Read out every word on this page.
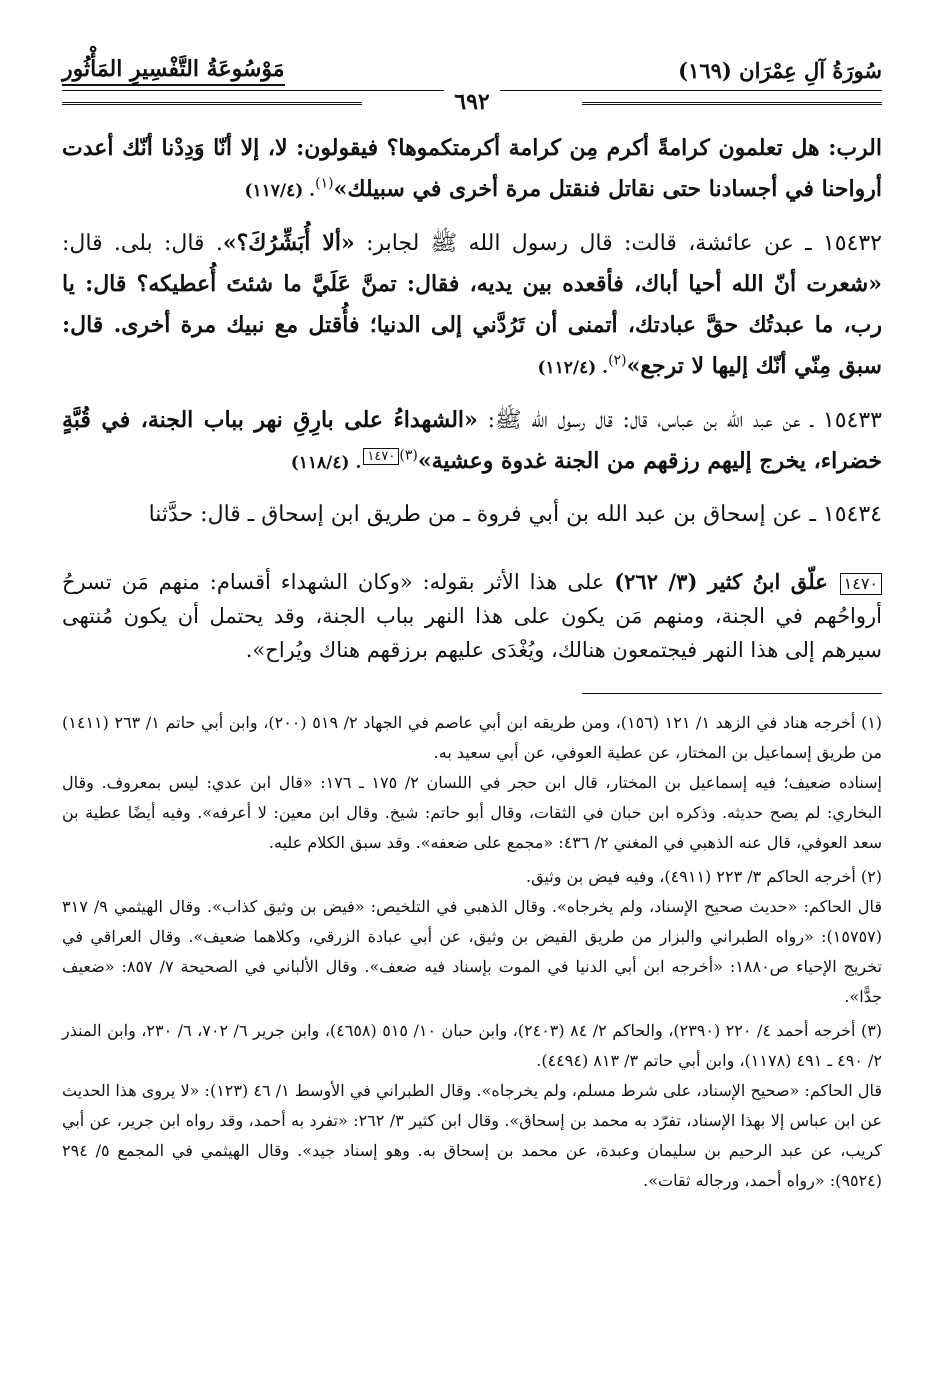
سُورَةُ آلِ عِمْرَان (١٦٩)
مَوْسُوعَةُ التَّفْسِيرِ المَأْثُور
٦٩٢

الرب: هل تعلمون كرامةً أكرم مِن كرامة أكرمتكموها؟ فيقولون: لا، إلا أنّا وَدِدْنا أنّك أعدت أرواحنا في أجسادنا حتى نقاتل فنقتل مرة أخرى في سبيلك»$^{(١)}$. (١١٧/٤)

١٥٤٣٢ ـ عن عائشة، قالت: قال رسول الله ﷺ لجابر: «ألا أُبَشِّرُكَ؟». قال: بلى. قال: «شعرت أنّ الله أحيا أباك، فأقعده بين يديه، فقال: تمنَّ عَلَيَّ ما شئتَ أُعطيكه؟ قال: يا رب، ما عبدتُك حقَّ عبادتك، أتمنى أن تَرُدَّني إلى الدنيا؛ فأُقتل مع نبيك مرة أخرى. قال: سبق مِنّي أنّك إليها لا ترجع»$^{(٢)}$. (١١٢/٤)

١٥٤٣٣ ـ عن عبد الله بن عباس، قال: قال رسول الله ﷺ: «الشهداءُ على بارِقِ نهر بباب الجنة، في قُبَّةٍ خضراء، يخرج إليهم رزقهم من الجنة غدوة وعشية»$^{(٣)}$١٤٧٠. (١١٨/٤)

١٥٤٣٤ ـ عن إسحاق بن عبد الله بن أبي فروة ـ من طريق ابن إسحاق ـ قال: حدَّثنا

١٤٧٠ علّق ابنُ كثير (٣/ ٢٦٢) على هذا الأثر بقوله: «وكان الشهداء أقسام: منهم مَن تسرحُ أرواحُهم في الجنة، ومنهم مَن يكون على هذا النهر بباب الجنة، وقد يحتمل أن يكون مُنتهى سيرهم إلى هذا النهر فيجتمعون هنالك، ويُغْدَى عليهم برزقهم هناك ويُراح».

(١) أخرجه هناد في الزهد ١/ ١٢١ (١٥٦)، ومن طريقه ابن أبي عاصم في الجهاد ٢/ ٥١٩ (٢٠٠)، وابن أبي حاتم ١/ ٢٦٣ (١٤١١) من طريق إسماعيل بن المختار، عن عطية العوفي، عن أبي سعيد به.

إسناده ضعيف؛ فيه إسماعيل بن المختار، قال ابن حجر في اللسان ٢/ ١٧٥ ـ ١٧٦: «قال ابن عدي: ليس بمعروف. وقال البخاري: لم يصح حديثه. وذكره ابن حبان في الثقات، وقال أبو حاتم: شيخ. وقال ابن معين: لا أعرفه». وفيه أيضًا عطية بن سعد العوفي، قال عنه الذهبي في المغني ٢/ ٤٣٦: «مجمع على ضعفه». وقد سبق الكلام عليه.

(٢) أخرجه الحاكم ٣/ ٢٢٣ (٤٩١١)، وفيه فيض بن وثيق.

قال الحاكم: «حديث صحيح الإسناد، ولم يخرجاه». وقال الذهبي في التلخيص: «فيض بن وثيق كذاب». وقال الهيثمي ٩/ ٣١٧ (١٥٧٥٧): «رواه الطبراني والبزار من طريق الفيض بن وثيق، عن أبي عبادة الزرقي، وكلاهما ضعيف». وقال العراقي في تخريج الإحياء ص١٨٨٠: «أخرجه ابن أبي الدنيا في الموت بإسناد فيه ضعف». وقال الألباني في الصحيحة ٧/ ٨٥٧: «ضعيف جدًّا».

(٣) أخرجه أحمد ٤/ ٢٢٠ (٢٣٩٠)، والحاكم ٢/ ٨٤ (٢٤٠٣)، وابن حبان ١٠/ ٥١٥ (٤٦٥٨)، وابن جرير ٦/ ٧٠٢، ٦/ ٢٣٠، وابن المنذر ٢/ ٤٩٠ ـ ٤٩١ (١١٧٨)، وابن أبي حاتم ٣/ ٨١٣ (٤٤٩٤).

قال الحاكم: «صحيح الإسناد، على شرط مسلم، ولم يخرجاه». وقال الطبراني في الأوسط ١/ ٤٦ (١٢٣): «لا يروى هذا الحديث عن ابن عباس إلا بهذا الإسناد، تفرّد به محمد بن إسحاق». وقال ابن كثير ٣/ ٢٦٢: «تفرد به أحمد، وقد رواه ابن جرير، عن أبي كريب، عن عبد الرحيم بن سليمان وعبدة، عن محمد بن إسحاق به. وهو إسناد جيد». وقال الهيثمي في المجمع ٥/ ٢٩٤ (٩٥٢٤): «رواه أحمد، ورجاله ثقات».
